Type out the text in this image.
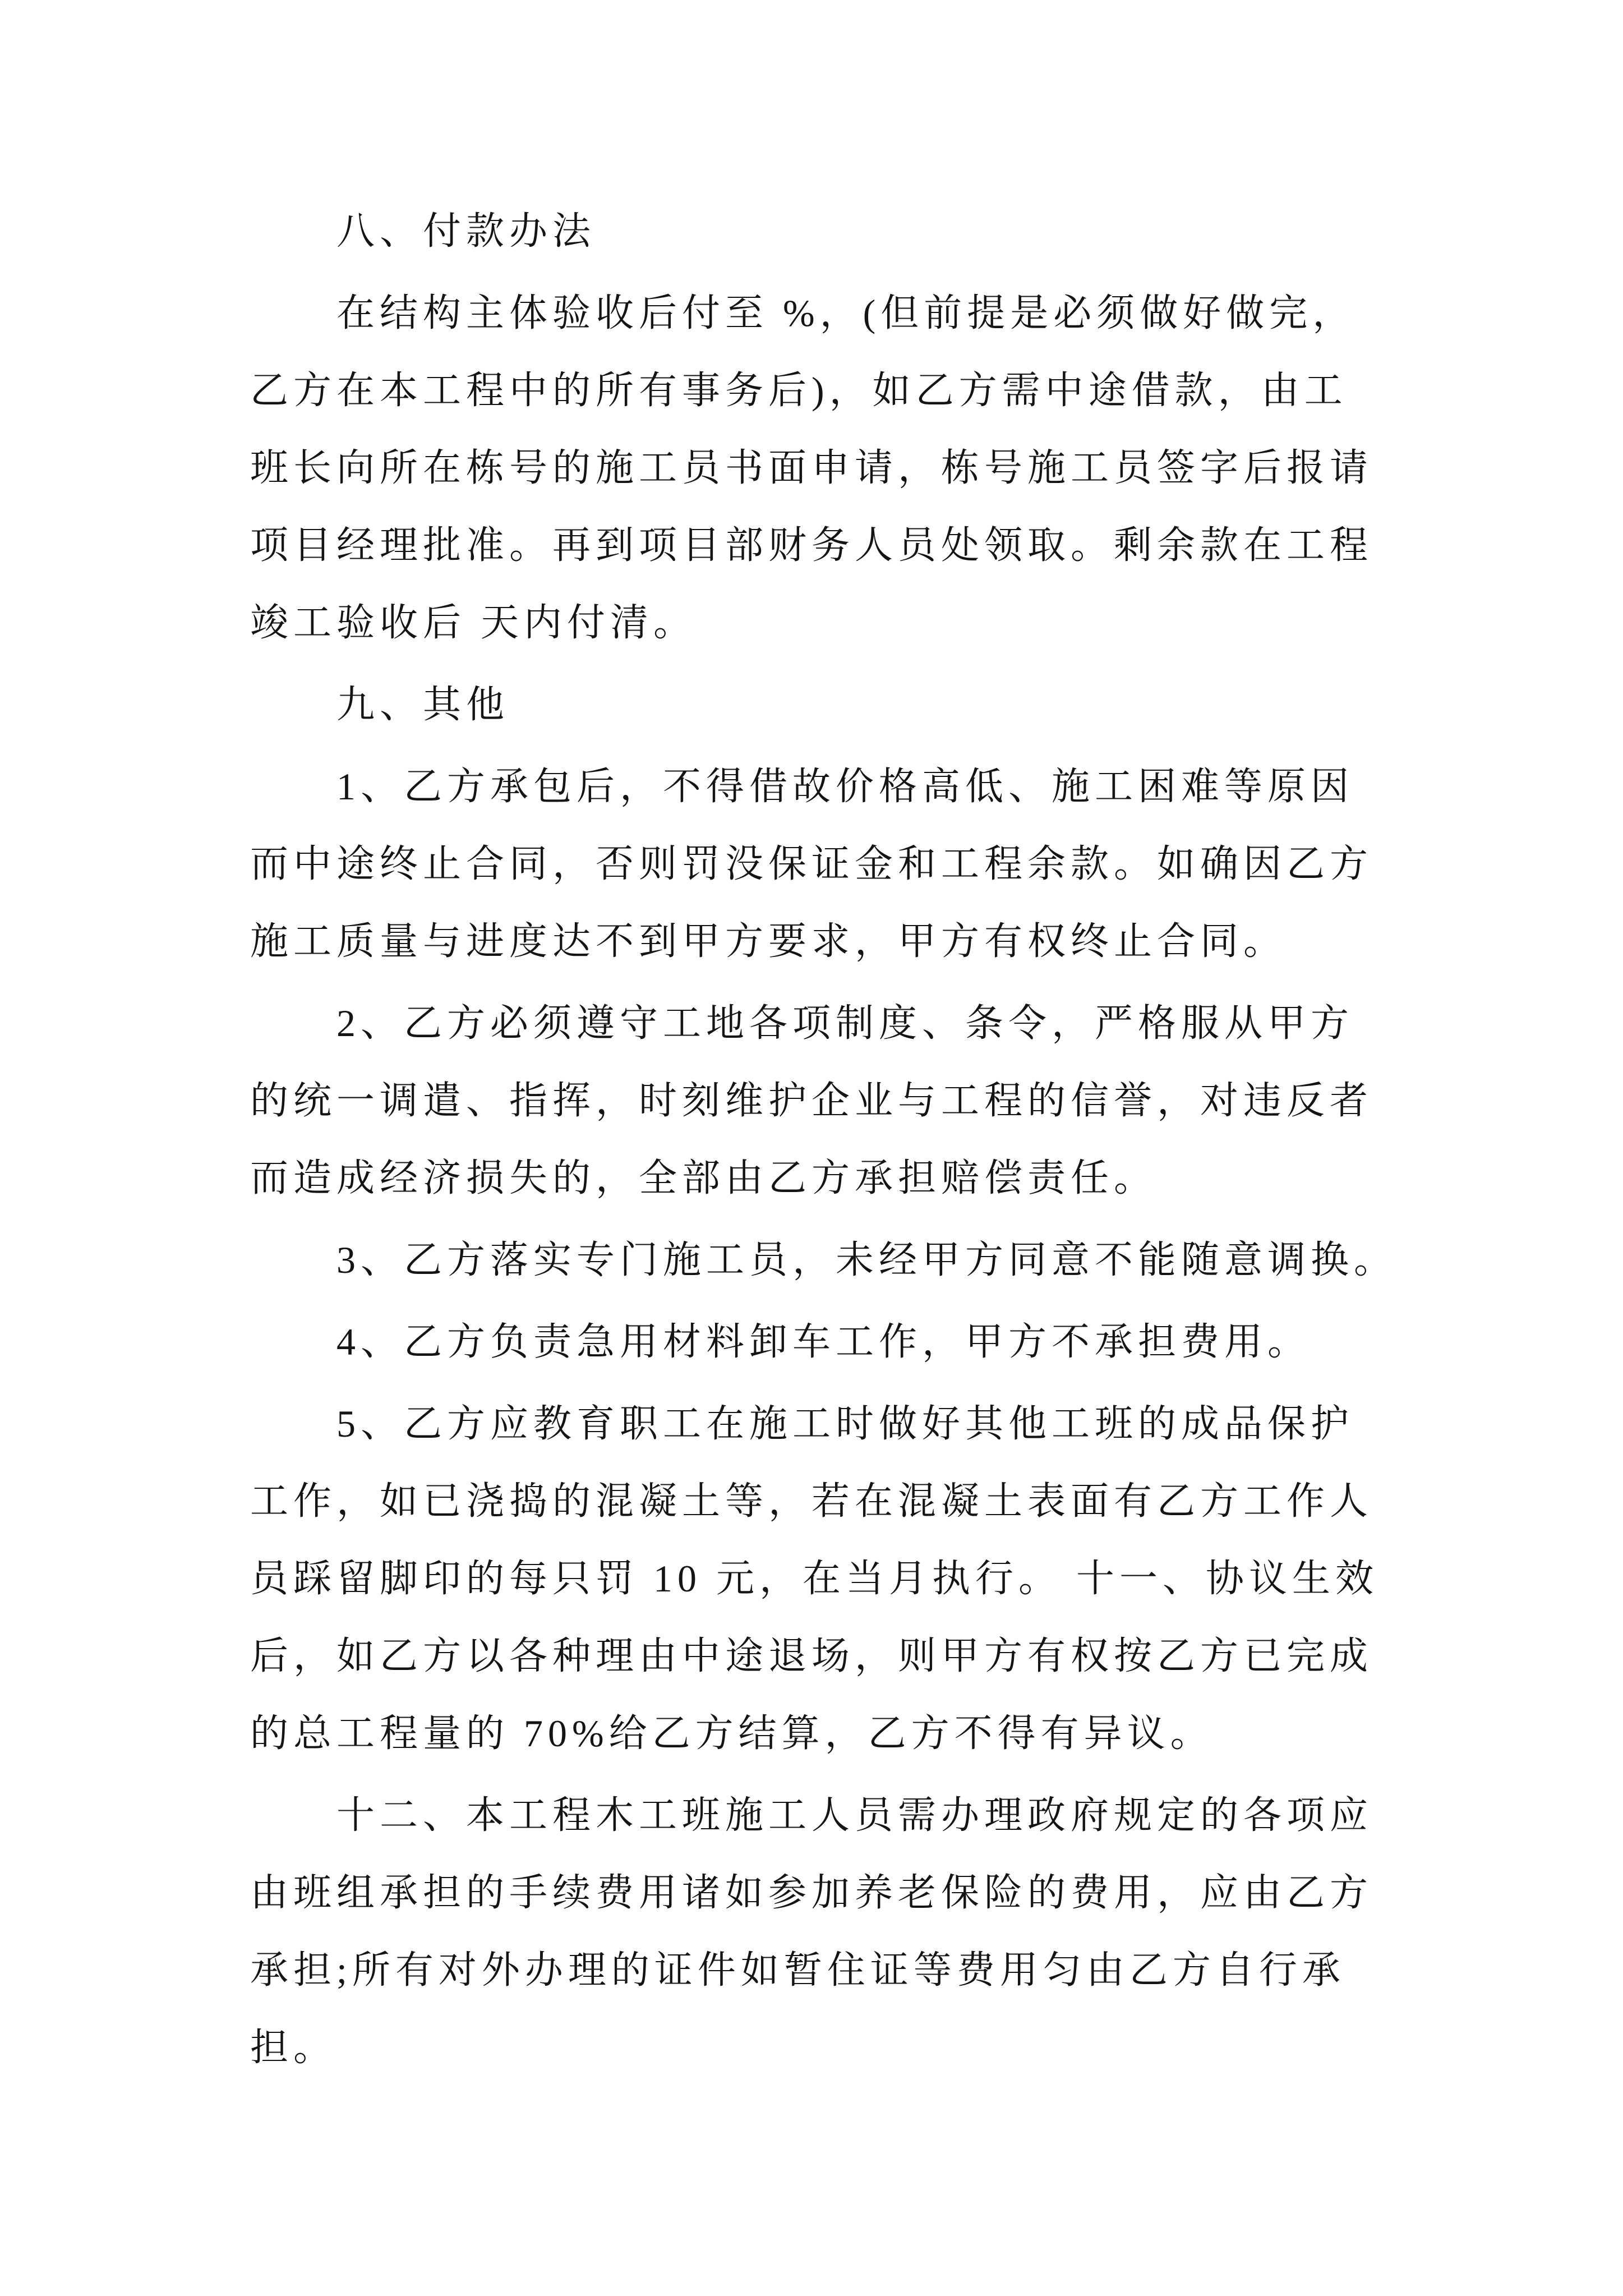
八、付款办法
在结构主体验收后付至 %，(但前提是必须做好做完，
乙方在本工程中的所有事务后)，如乙方需中途借款，由工
班长向所在栋号的施工员书面申请，栋号施工员签字后报请
项目经理批准。再到项目部财务人员处领取。剩余款在工程
竣工验收后 天内付清。
九、其他
1、乙方承包后，不得借故价格高低、施工困难等原因
而中途终止合同，否则罚没保证金和工程余款。如确因乙方
施工质量与进度达不到甲方要求，甲方有权终止合同。
2、乙方必须遵守工地各项制度、条令，严格服从甲方
的统一调遣、指挥，时刻维护企业与工程的信誉，对违反者
而造成经济损失的，全部由乙方承担赔偿责任。
3、乙方落实专门施工员，未经甲方同意不能随意调换。
4、乙方负责急用材料卸车工作，甲方不承担费用。
5、乙方应教育职工在施工时做好其他工班的成品保护
工作，如已浇捣的混凝土等，若在混凝土表面有乙方工作人
员踩留脚印的每只罚 10 元，在当月执行。 十一、协议生效
后，如乙方以各种理由中途退场，则甲方有权按乙方已完成
的总工程量的 70%给乙方结算，乙方不得有异议。
十二、本工程木工班施工人员需办理政府规定的各项应
由班组承担的手续费用诸如参加养老保险的费用，应由乙方
承担;所有对外办理的证件如暂住证等费用匀由乙方自行承
担。
